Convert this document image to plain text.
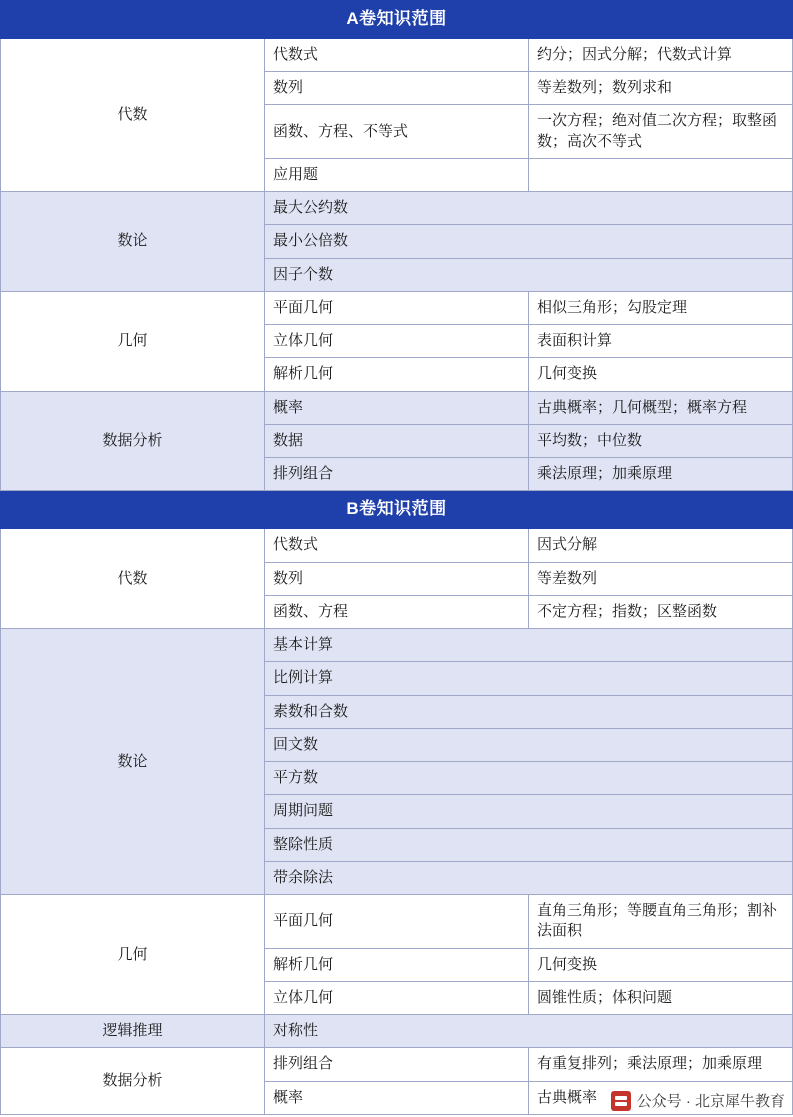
A卷知识范围		
代数	代数式	约分；因式分解；代数式计算
	数列	等差数列；数列求和
	函数、方程、不等式	一次方程；绝对值二次方程；取整函数；高次不等式
	应用题	
数论	最大公约数	
	最小公倍数	
	因子个数	
几何	平面几何	相似三角形；勾股定理
	立体几何	表面积计算
	解析几何	几何变换
数据分析	概率	古典概率；几何概型；概率方程
	数据	平均数；中位数
	排列组合	乘法原理；加乘原理
B卷知识范围		
代数	代数式	因式分解
	数列	等差数列
	函数、方程	不定方程；指数；区整函数
数论	基本计算	
	比例计算	
	素数和合数	
	回文数	
	平方数	
	周期问题	
	整除性质	
	带余除法	
几何	平面几何	直角三角形；等腰直角三角形；割补法面积
	解析几何	几何变换
	立体几何	圆锥性质；体积问题
逻辑推理	对称性	
数据分析	排列组合	有重复排列；乘法原理；加乘原理
	概率	古典概率	公众号 · 北京犀牛教育
